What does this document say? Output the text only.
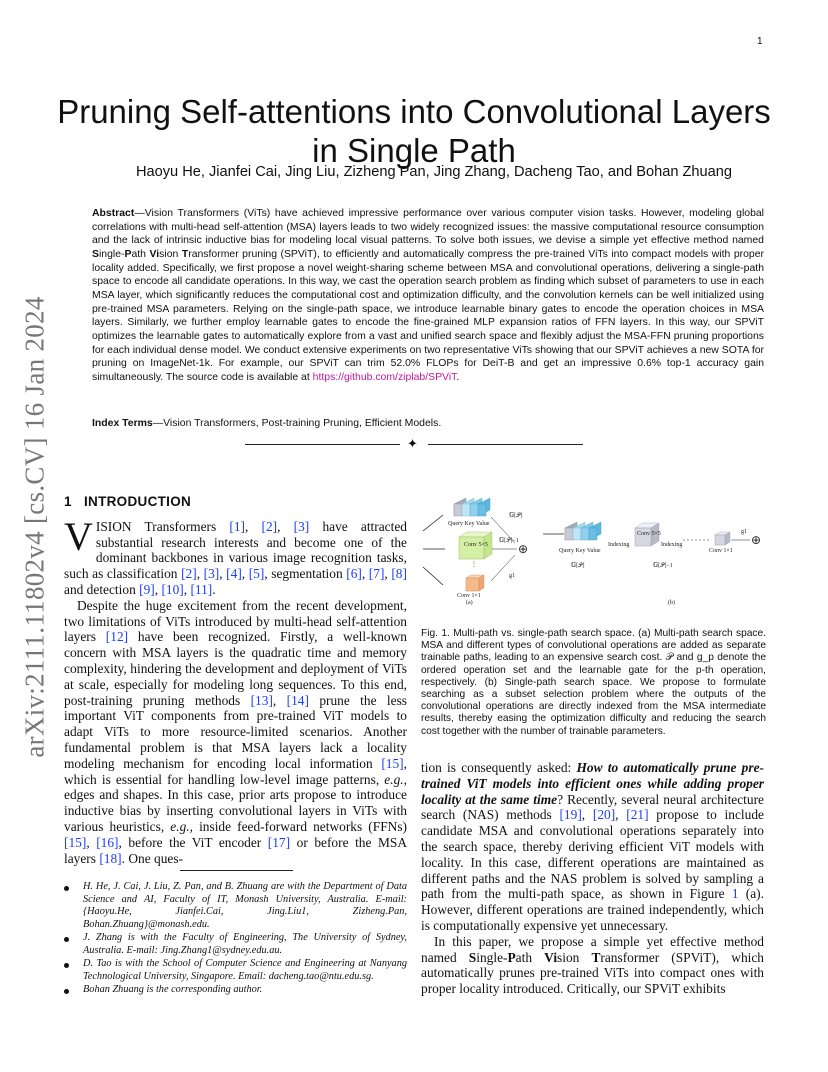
1
arXiv:2111.11802v4 [cs.CV] 16 Jan 2024
Pruning Self-attentions into Convolutional Layers in Single Path
Haoyu He, Jianfei Cai, Jing Liu, Zizheng Pan, Jing Zhang, Dacheng Tao, and Bohan Zhuang
Abstract—Vision Transformers (ViTs) have achieved impressive performance over various computer vision tasks. However, modeling global correlations with multi-head self-attention (MSA) layers leads to two widely recognized issues: the massive computational resource consumption and the lack of intrinsic inductive bias for modeling local visual patterns. To solve both issues, we devise a simple yet effective method named Single-Path Vision Transformer pruning (SPViT), to efficiently and automatically compress the pre-trained ViTs into compact models with proper locality added. Specifically, we first propose a novel weight-sharing scheme between MSA and convolutional operations, delivering a single-path space to encode all candidate operations. In this way, we cast the operation search problem as finding which subset of parameters to use in each MSA layer, which significantly reduces the computational cost and optimization difficulty, and the convolution kernels can be well initialized using pre-trained MSA parameters. Relying on the single-path space, we introduce learnable binary gates to encode the operation choices in MSA layers. Similarly, we further employ learnable gates to encode the fine-grained MLP expansion ratios of FFN layers. In this way, our SPViT optimizes the learnable gates to automatically explore from a vast and unified search space and flexibly adjust the MSA-FFN pruning proportions for each individual dense model. We conduct extensive experiments on two representative ViTs showing that our SPViT achieves a new SOTA for pruning on ImageNet-1k. For example, our SPViT can trim 52.0% FLOPs for DeiT-B and get an impressive 0.6% top-1 accuracy gain simultaneously. The source code is available at https://github.com/ziplab/SPViT.
Index Terms—Vision Transformers, Post-training Pruning, Efficient Models.
✦
1 INTRODUCTION

VISION Transformers [1], [2], [3] have attracted substantial research interests and become one of the dominant backbones in various image recognition tasks, such as classification [2], [3], [4], [5], segmentation [6], [7], [8] and detection [9], [10], [11].

Despite the huge excitement from the recent development, two limitations of ViTs introduced by multi-head self-attention layers [12] have been recognized. Firstly, a well-known concern with MSA layers is the quadratic time and memory complexity, hindering the development and deployment of ViTs at scale, especially for modeling long sequences. To this end, post-training pruning methods [13], [14] prune the less important ViT components from pre-trained ViT models to adapt ViTs to more resource-limited scenarios. Another fundamental problem is that MSA layers lack a locality modeling mechanism for encoding local information [15], which is essential for handling low-level image patterns, e.g., edges and shapes. In this case, prior arts propose to introduce inductive bias by inserting convolutional layers in ViTs with various heuristics, e.g., inside feed-forward networks (FFNs) [15], [16], before the ViT encoder [17] or before the MSA layers [18]. One ques-

H. He, J. Cai, J. Liu, Z. Pan, and B. Zhuang are with the Department of Data Science and AI, Faculty of IT, Monash University, Australia. E-mail: {Haoyu.He, Jianfei.Cai, Jing.Liu1, Zizheng.Pan, Bohan.Zhuang}@monash.edu.
J. Zhang is with the Faculty of Engineering, The University of Sydney, Australia. E-mail: Jing.Zhang1@sydney.edu.au.
D. Tao is with the School of Computer Science and Engineering at Nanyang Technological University, Singapore. Email: dacheng.tao@ntu.edu.sg.
Bohan Zhuang is the corresponding author.
Query Key Value
𝔾[𝒫]
Conv 5×5
𝔾[𝒫]−1
⊕
⋮
g1
Conv 1×1
(a)
Query Key Value
Indexing
Conv 5×5
Indexing
Conv 1×1
g1
⊕
𝔾[𝒫]	𝔾[𝒫]−1
(b)
Fig. 1. Multi-path vs. single-path search space. (a) Multi-path search space. MSA and different types of convolutional operations are added as separate trainable paths, leading to an expensive search cost. 𝒫 and g_p denote the ordered operation set and the learnable gate for the p-th operation, respectively. (b) Single-path search space. We propose to formulate searching as a subset selection problem where the outputs of the convolutional operations are directly indexed from the MSA intermediate results, thereby easing the optimization difficulty and reducing the search cost together with the number of trainable parameters.

tion is consequently asked: How to automatically prune pre-trained ViT models into efficient ones while adding proper locality at the same time? Recently, several neural architecture search (NAS) methods [19], [20], [21] propose to include candidate MSA and convolutional operations separately into the search space, thereby deriving efficient ViT models with locality. In this case, different operations are maintained as different paths and the NAS problem is solved by sampling a path from the multi-path space, as shown in Figure 1 (a). However, different operations are trained independently, which is computationally expensive yet unnecessary.

In this paper, we propose a simple yet effective method named Single-Path Vision Transformer (SPViT), which automatically prunes pre-trained ViTs into compact ones with proper locality introduced. Critically, our SPViT exhibits
